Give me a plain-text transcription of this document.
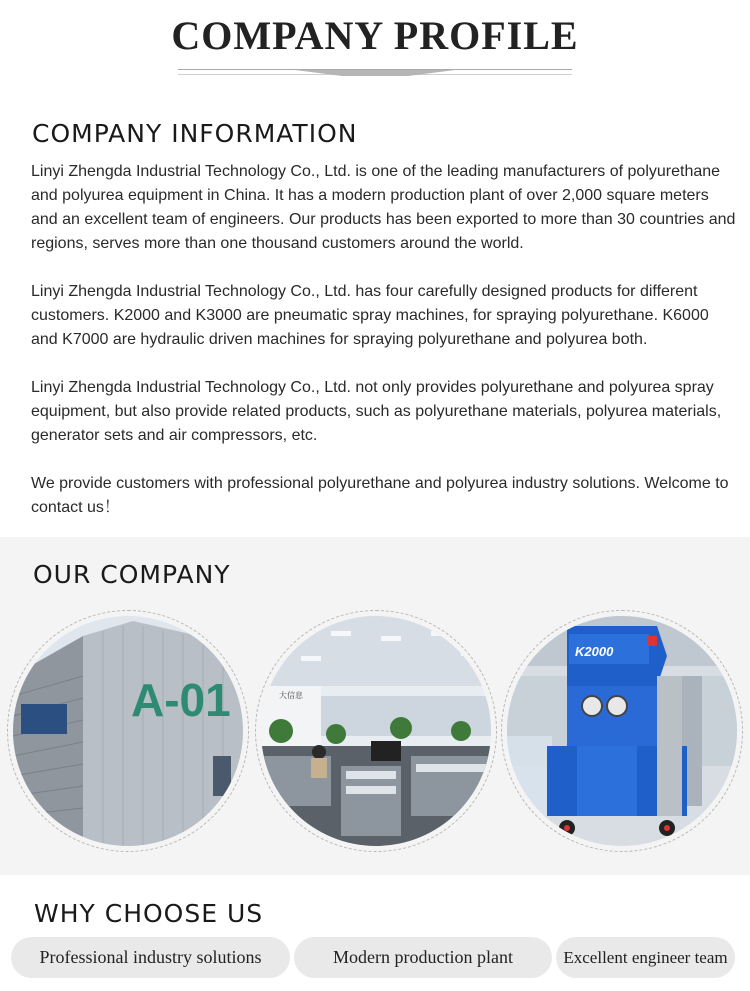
COMPANY PROFILE
COMPANY INFORMATION

Linyi Zhengda Industrial Technology Co., Ltd. is one of the leading manufacturers of polyurethane and polyurea equipment in China. It has a modern production plant of over 2,000 square meters and an excellent team of engineers. Our products has been exported to more than 30 countries and regions, serves more than one thousand customers around the world.

Linyi Zhengda Industrial Technology Co., Ltd. has four carefully designed products for different customers. K2000 and K3000 are pneumatic spray machines, for spraying polyurethane. K6000 and K7000 are hydraulic driven machines for spraying polyurethane and polyurea both.

Linyi Zhengda Industrial Technology Co., Ltd. not only provides polyurethane and polyurea spray equipment, but also provide related products, such as polyurethane materials, polyurea materials, generator sets and air compressors, etc.

We provide customers with professional polyurethane and polyurea industry solutions. Welcome to contact us！

OUR COMPANY
A-01	大信息
K2000
WHY CHOOSE US
Professional industry solutions	Modern production plant	Excellent engineer team
